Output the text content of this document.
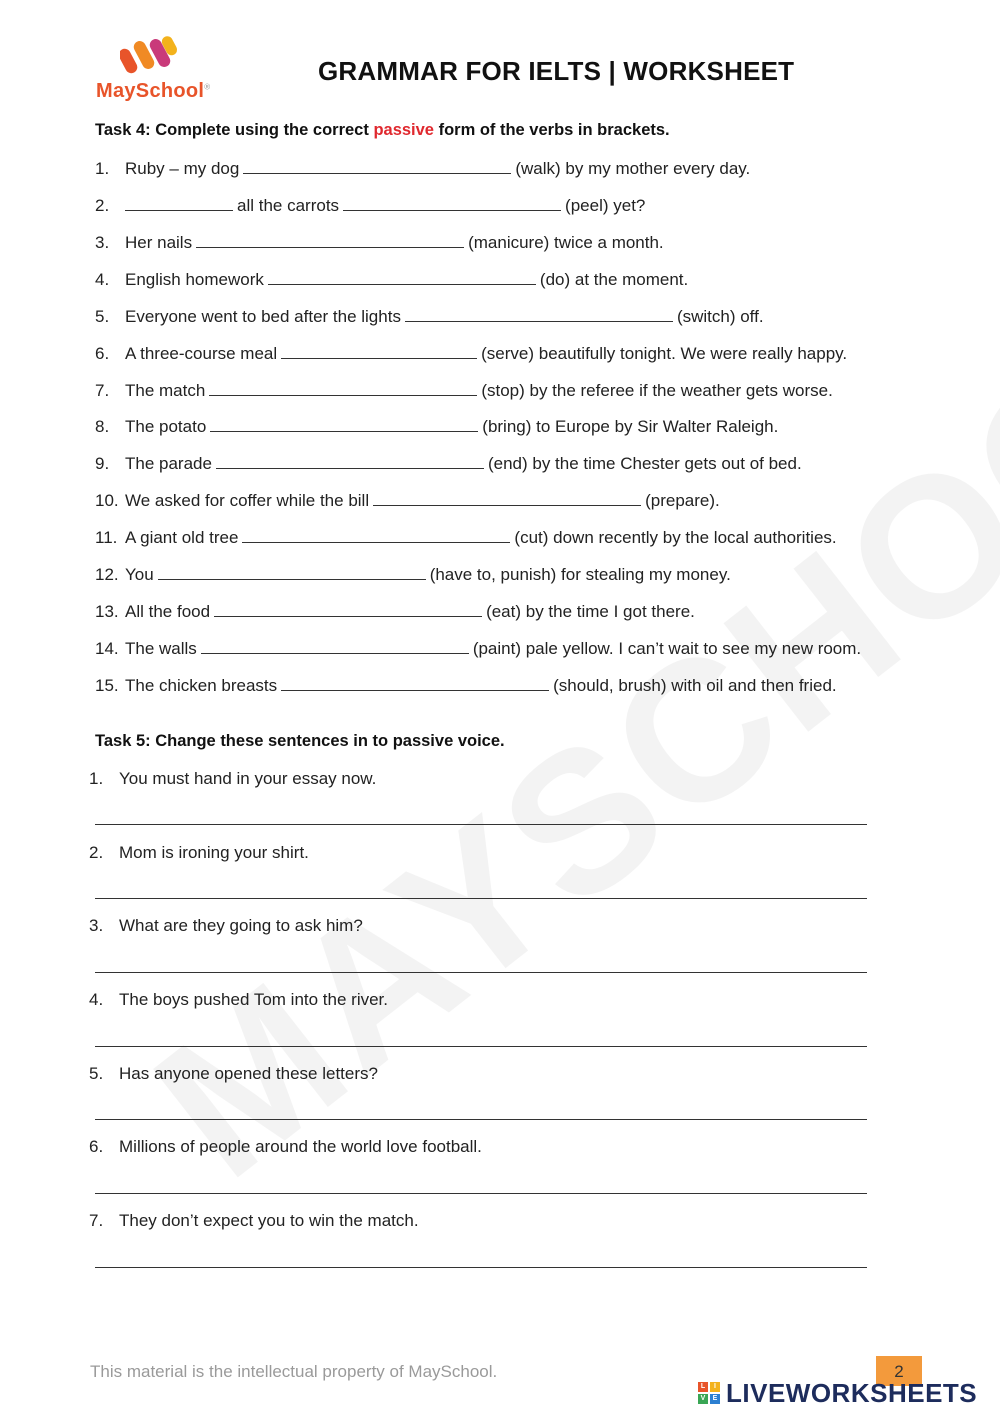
MaySchool®
GRAMMAR FOR IELTS | WORKSHEET
Task 4: Complete using the correct passive form of the verbs in brackets.
1. Ruby – my dog	(walk) by my mother every day.
2.	all the carrots	(peel) yet?
3. Her nails	(manicure) twice a month.
4. English homework	(do) at the moment.
5. Everyone went to bed after the lights	(switch) off.
6. A three-course meal	(serve) beautifully tonight. We were really happy.
7. The match	(stop) by the referee if the weather gets worse.
8. The potato	(bring) to Europe by Sir Walter Raleigh.
9. The parade	(end) by the time Chester gets out of bed.
10. We asked for coffer while the bill	(prepare).
11. A giant old tree	(cut) down recently by the local authorities.
12. You	(have to, punish) for stealing my money.
13. All the food	(eat) by the time I got there.
14. The walls	(paint) pale yellow. I can’t wait to see my new room.
15. The chicken breasts	(should, brush) with oil and then fried.
Task 5: Change these sentences in to passive voice.
1. You must hand in your essay now.
2. Mom is ironing your shirt.
3. What are they going to ask him?
4. The boys pushed Tom into the river.
5. Has anyone opened these letters?
6. Millions of people around the world love football.
7. They don’t expect you to win the match.
This material is the intellectual property of MaySchool.	2
L	I
V	E LIVEWORKSHEETS
